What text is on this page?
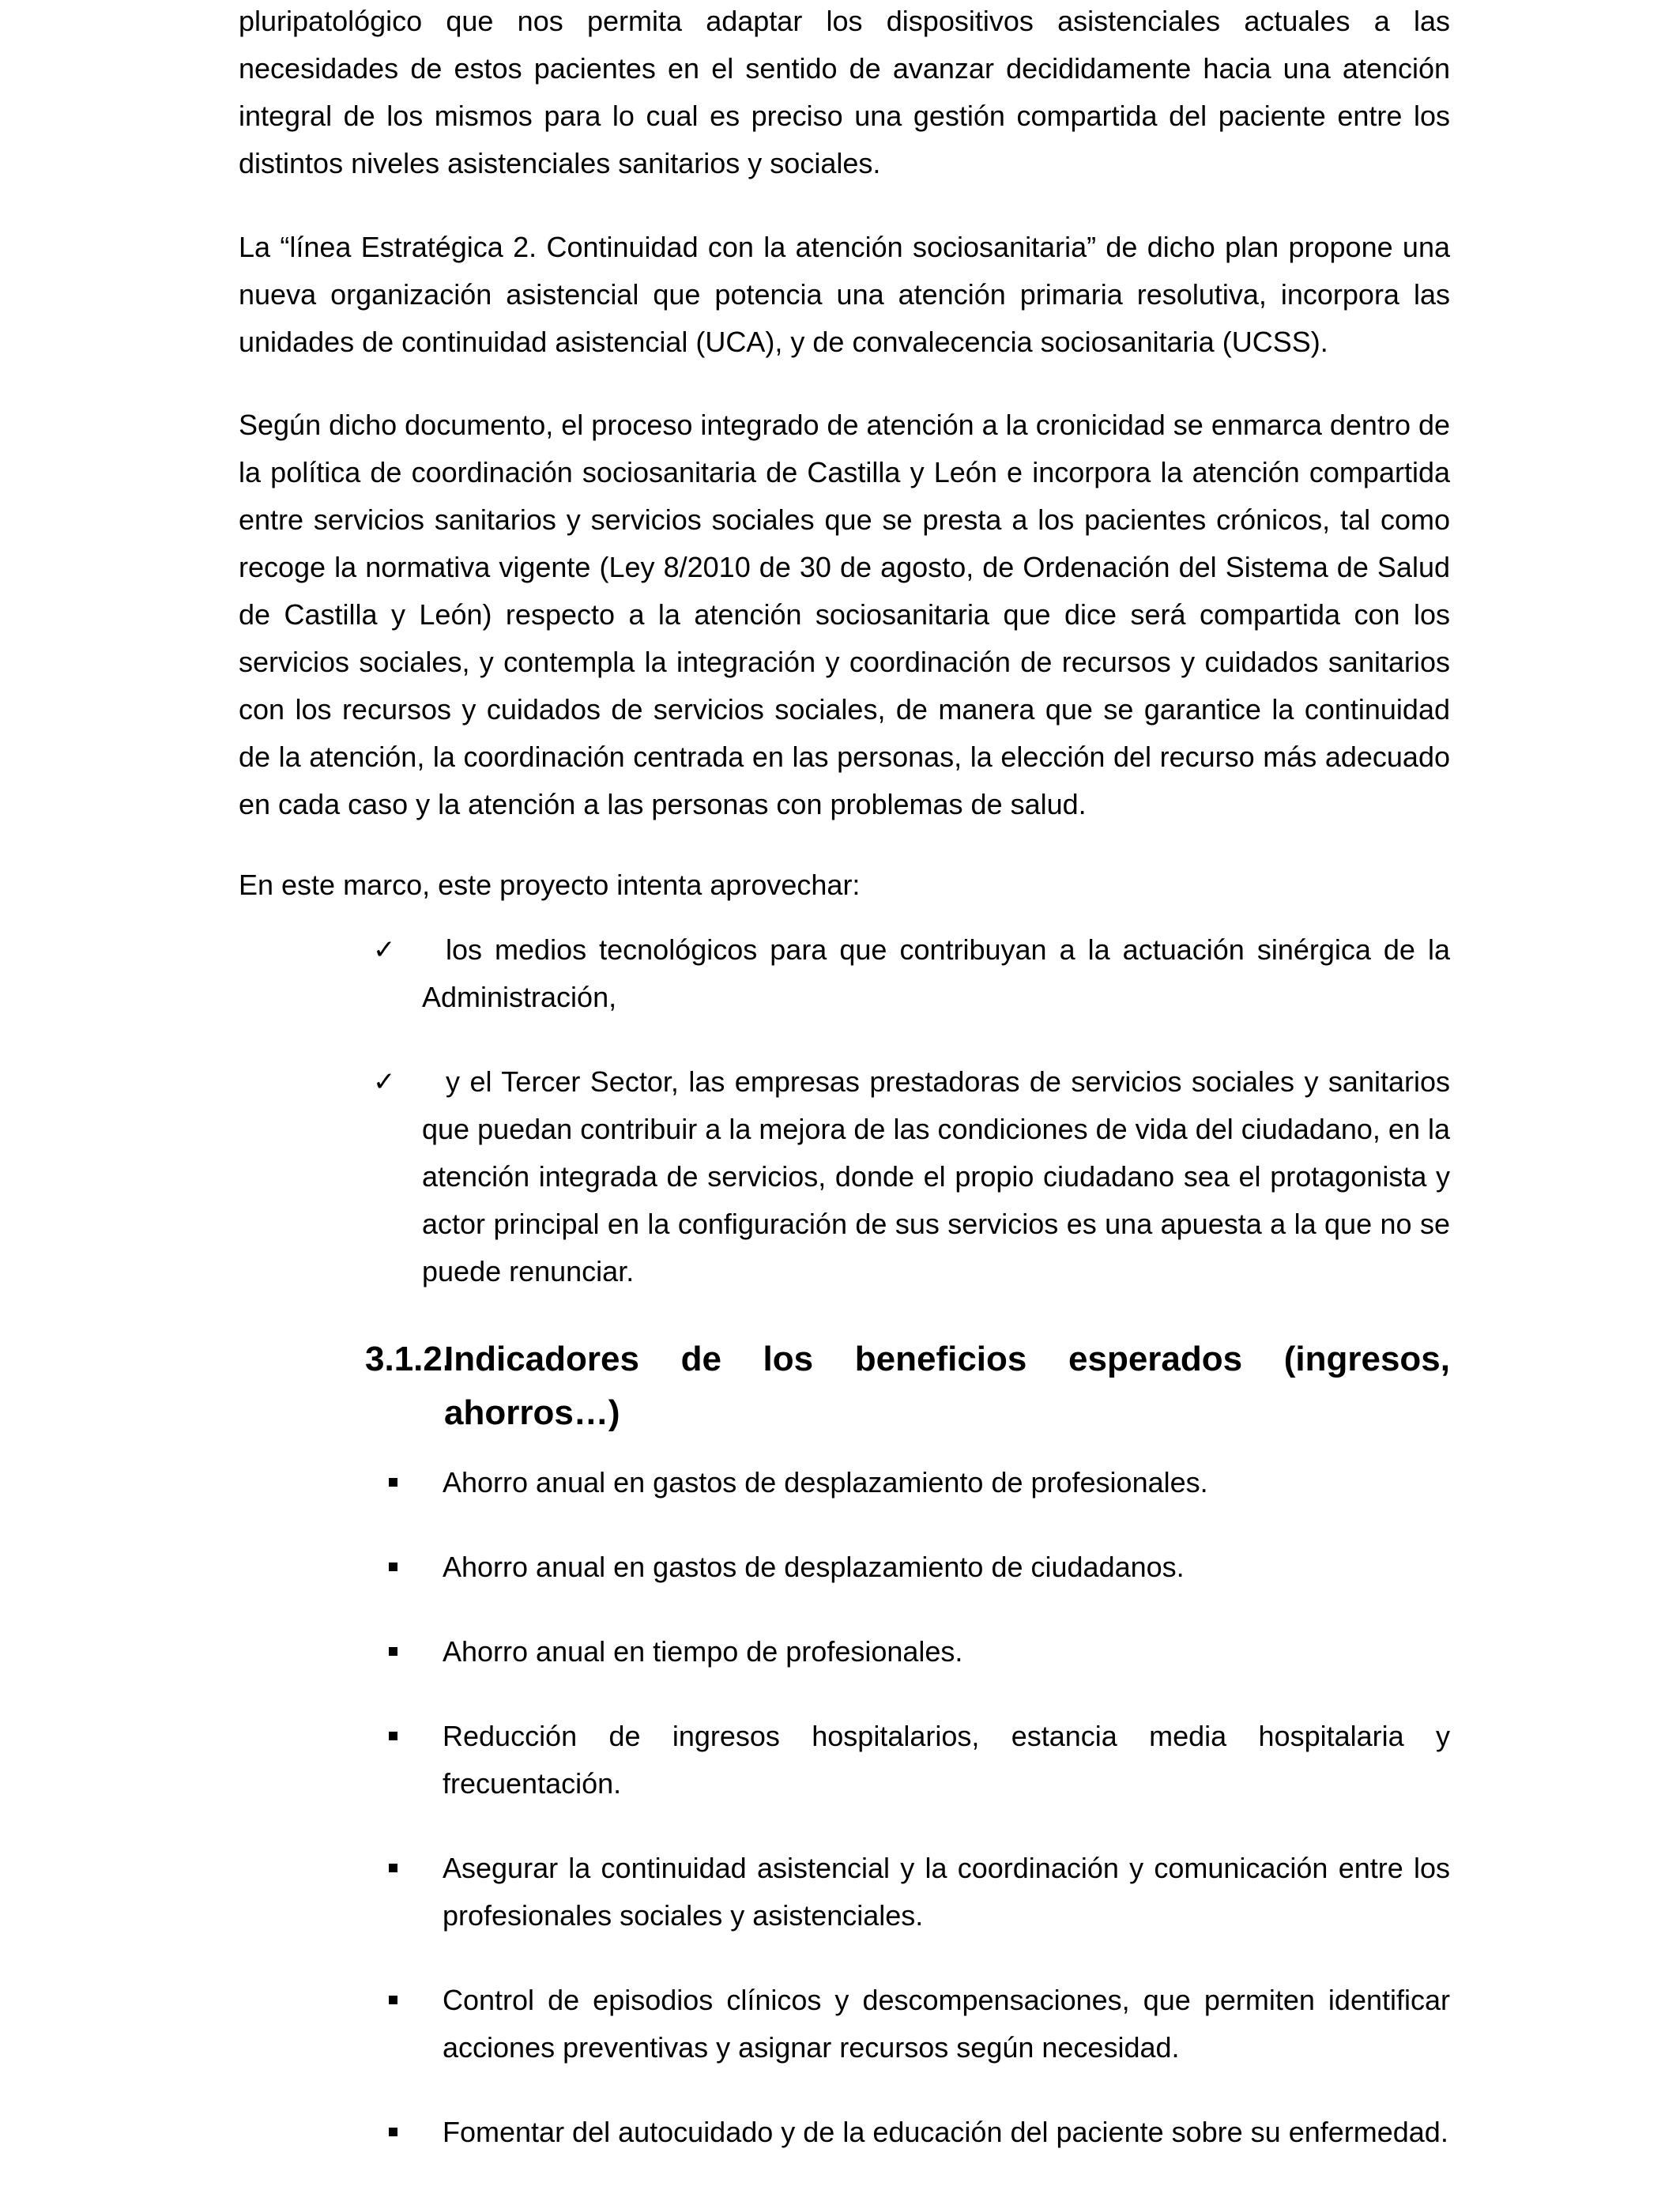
pluripatológico que nos permita adaptar los dispositivos asistenciales actuales a las necesidades de estos pacientes en el sentido de avanzar decididamente hacia una atención integral de los mismos para lo cual es preciso una gestión compartida del paciente entre los distintos niveles asistenciales sanitarios y sociales.

La “línea Estratégica 2. Continuidad con la atención sociosanitaria” de dicho plan propone una nueva organización asistencial que potencia una atención primaria resolutiva, incorpora las unidades de continuidad asistencial (UCA), y de convalecencia sociosanitaria (UCSS).

Según dicho documento, el proceso integrado de atención a la cronicidad se enmarca dentro de la política de coordinación sociosanitaria de Castilla y León e incorpora la atención compartida entre servicios sanitarios y servicios sociales que se presta a los pacientes crónicos, tal como recoge la normativa vigente (Ley 8/2010 de 30 de agosto, de Ordenación del Sistema de Salud de Castilla y León) respecto a la atención sociosanitaria que dice será compartida con los servicios sociales, y contempla la integración y coordinación de recursos y cuidados sanitarios con los recursos y cuidados de servicios sociales, de manera que se garantice la continuidad de la atención, la coordinación centrada en las personas, la elección del recurso más adecuado en cada caso y la atención a las personas con problemas de salud.

En este marco, este proyecto intenta aprovechar:

✓ los medios tecnológicos para que contribuyan a la actuación sinérgica de la Administración,
✓ y el Tercer Sector, las empresas prestadoras de servicios sociales y sanitarios que puedan contribuir a la mejora de las condiciones de vida del ciudadano, en la atención integrada de servicios, donde el propio ciudadano sea el protagonista y actor principal en la configuración de sus servicios es una apuesta a la que no se puede renunciar.
3.1.2.Indicadores de los beneficios esperados (ingresos, ahorros…)
Ahorro anual en gastos de desplazamiento de profesionales.
Ahorro anual en gastos de desplazamiento de ciudadanos.
Ahorro anual en tiempo de profesionales.
Reducción de ingresos hospitalarios, estancia media hospitalaria y frecuentación.
Asegurar la continuidad asistencial y la coordinación y comunicación entre los profesionales sociales y asistenciales.
Control de episodios clínicos y descompensaciones, que permiten identificar acciones preventivas y asignar recursos según necesidad.
Fomentar del autocuidado y de la educación del paciente sobre su enfermedad.
